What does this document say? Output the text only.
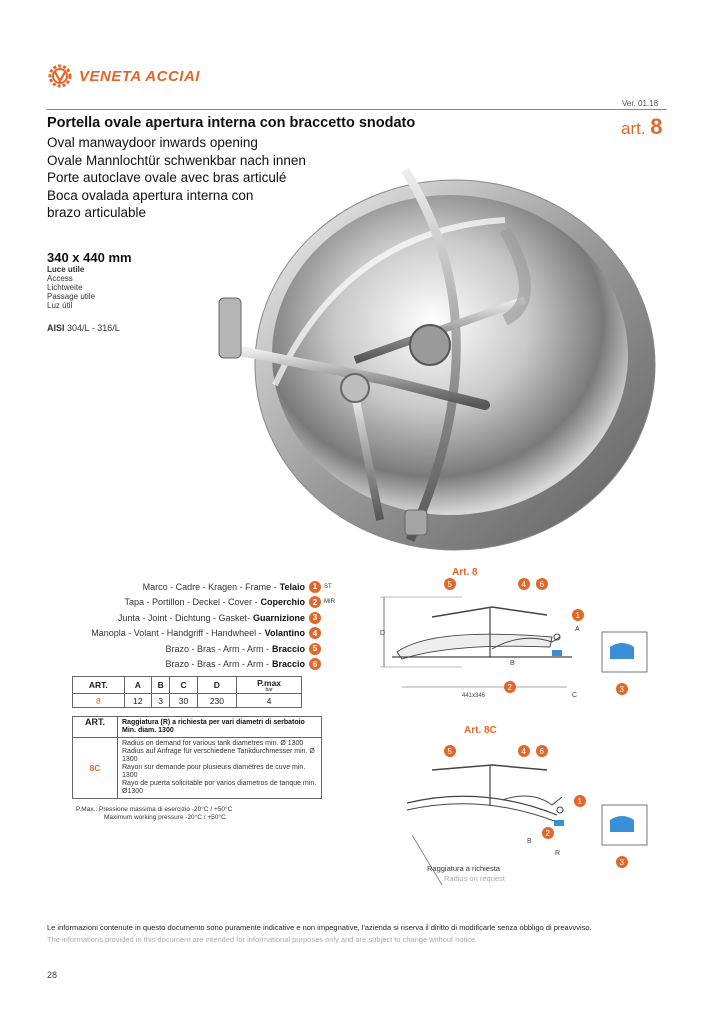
VENETA ACCIAI
Ver. 01.18
art. 8
Portella ovale apertura interna con braccetto snodato
Oval manwaydoor inwards opening
Ovale Mannlochtür schwenkbar nach innen
Porte autoclave ovale avec bras articulé
Boca ovalada apertura interna con
brazo articulable
340 x 440 mm
Luce utile
Access
Lichtweite
Passage utile
Luz útil
AISI 304/L - 316/L
Marco - Cadre - Kragen - Frame - Telaio 1	ST
Tapa - Portillon - Deckel - Cover - Coperchio 2	MIR
Junta - Joint - Dichtung - Gasket- Guarnizione 3
Manopla - Volant - Handgriff - Handwheel - Volantino 4
Brazo - Bras - Arm - Arm - Braccio 5
Brazo - Bras - Arm - Arm - Braccio 6
ART.	A	B	C	D	P.max
bar

8	12	3	30	230	4
ART.	Raggiatura (R) a richiesta per vari diametri di serbatoio Min. diam. 1300
8C	Radius on demand for various tank diametres min. Ø 1300
Radius auf Anfrage für verschiedene Tankdurchmesser min. Ø 1300
Rayon sur demande pour plusieurs diamètres de cuve min. 1300
Rayo de puerta solicitable por varios diametros de tanque min. Ø1300
P.Max.: Pressione massima di esercizio -20°C / +50°C
Maximum working pressure -20°C / +50°C
Art. 8
D
441x346
A
B
C
5	4 6
1
2	3
Art. 8C
B
R
5	4 6
1
2
3
Raggiatura a richiesta
Radius on request
Le informazioni contenute in questo documento sono puramente indicative e non impegnative, l'azienda si riserva il diritto di modificarle senza obbligo di preavvviso.
The informations provided in this document are intended for informational purposes only and are subject to change without notice.
28
